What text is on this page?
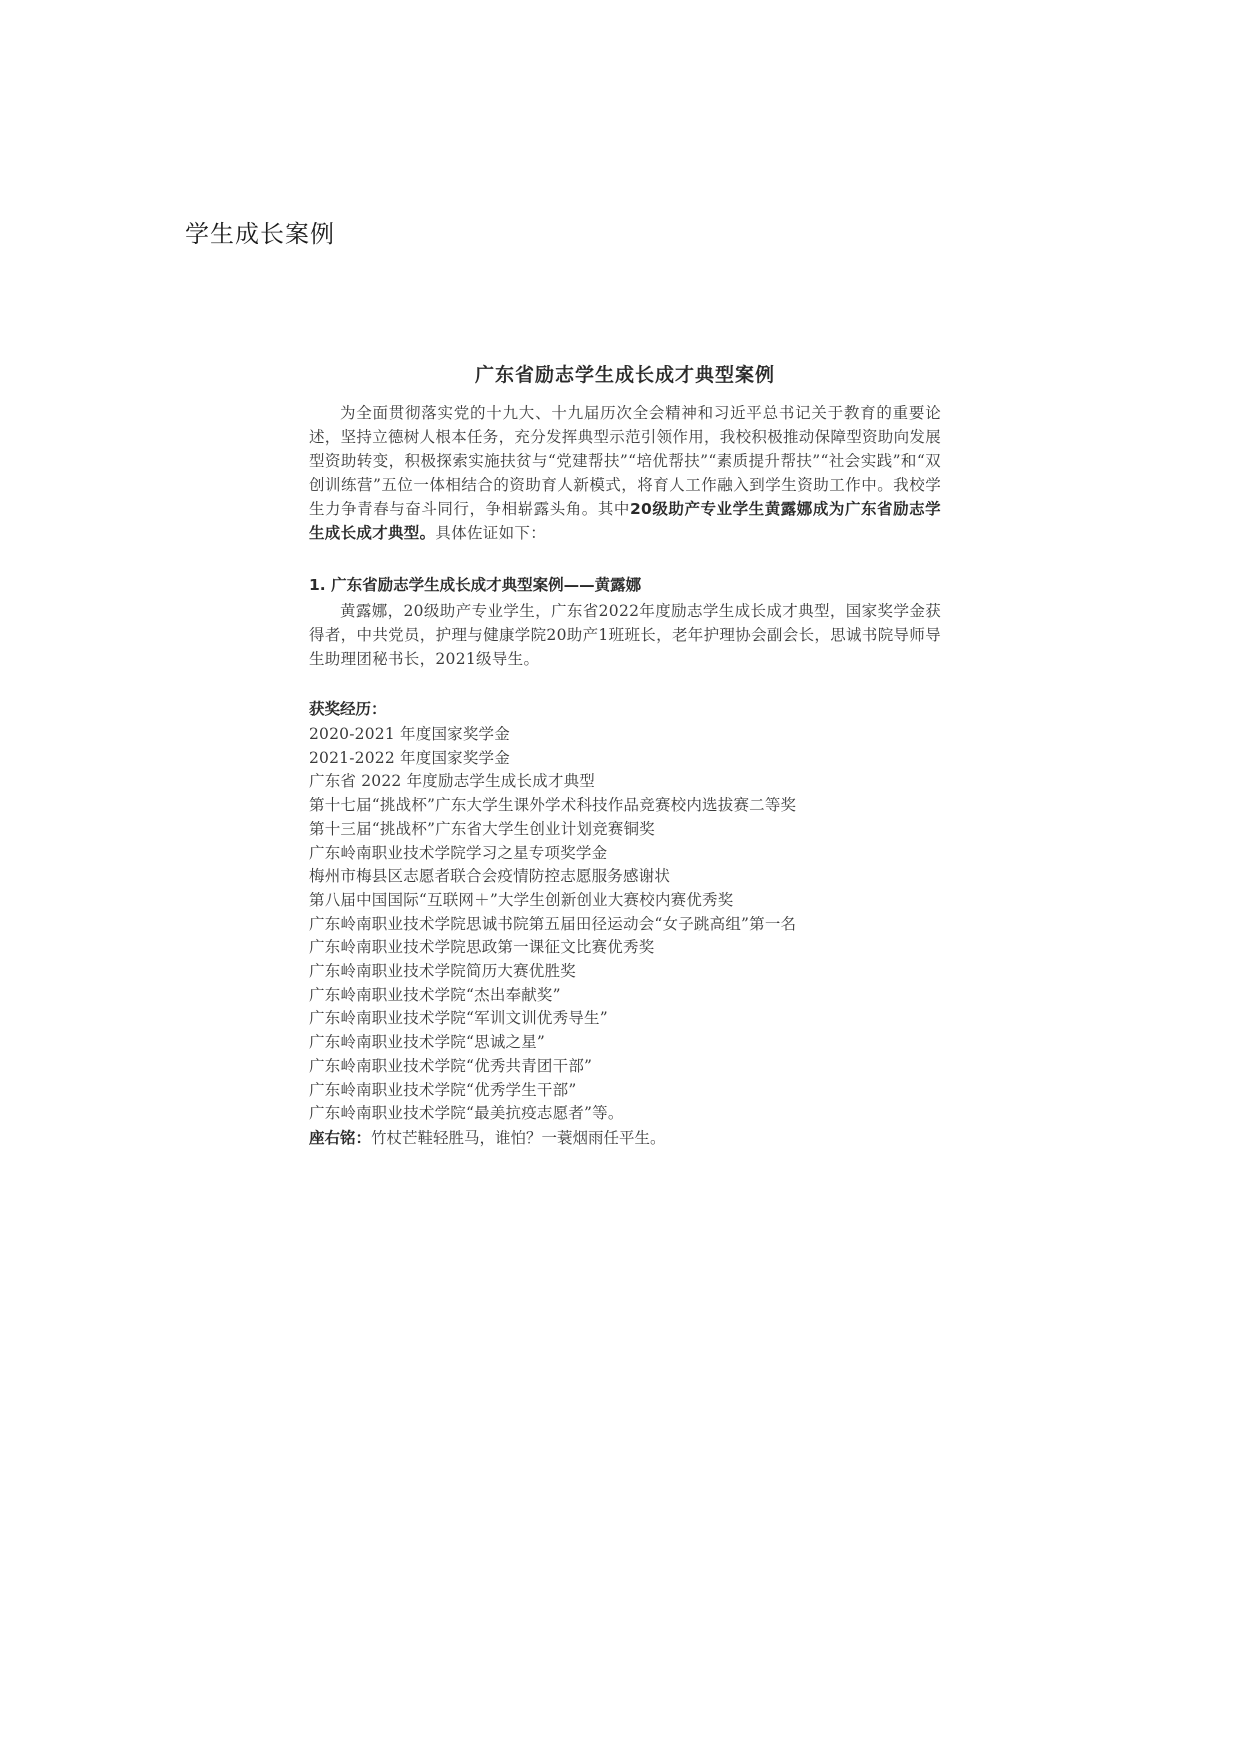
学生成长案例
广东省励志学生成长成才典型案例

为全面贯彻落实党的十九大、十九届历次全会精神和习近平总书记关于教育的重要论述，坚持立德树人根本任务，充分发挥典型示范引领作用，我校积极推动保障型资助向发展型资助转变，积极探索实施扶贫与“党建帮扶”“培优帮扶”“素质提升帮扶”“社会实践”和“双创训练营”五位一体相结合的资助育人新模式，将育人工作融入到学生资助工作中。我校学生力争青春与奋斗同行，争相崭露头角。其中20级助产专业学生黄露娜成为广东省励志学生成长成才典型。具体佐证如下：

1. 广东省励志学生成长成才典型案例——黄露娜

黄露娜，20级助产专业学生，广东省2022年度励志学生成长成才典型，国家奖学金获得者，中共党员，护理与健康学院20助产1班班长，老年护理协会副会长，思诚书院导师导生助理团秘书长，2021级导生。

获奖经历：
2020-2021 年度国家奖学金
2021-2022 年度国家奖学金
广东省 2022 年度励志学生成长成才典型
第十七届“挑战杯”广东大学生课外学术科技作品竞赛校内选拔赛二等奖
第十三届“挑战杯”广东省大学生创业计划竞赛铜奖
广东岭南职业技术学院学习之星专项奖学金
梅州市梅县区志愿者联合会疫情防控志愿服务感谢状
第八届中国国际“互联网＋”大学生创新创业大赛校内赛优秀奖
广东岭南职业技术学院思诚书院第五届田径运动会“女子跳高组”第一名
广东岭南职业技术学院思政第一课征文比赛优秀奖
广东岭南职业技术学院简历大赛优胜奖
广东岭南职业技术学院“杰出奉献奖”
广东岭南职业技术学院“军训文训优秀导生”
广东岭南职业技术学院“思诚之星”
广东岭南职业技术学院“优秀共青团干部”
广东岭南职业技术学院“优秀学生干部”
广东岭南职业技术学院“最美抗疫志愿者”等。

座右铭：竹杖芒鞋轻胜马，谁怕？一蓑烟雨任平生。
